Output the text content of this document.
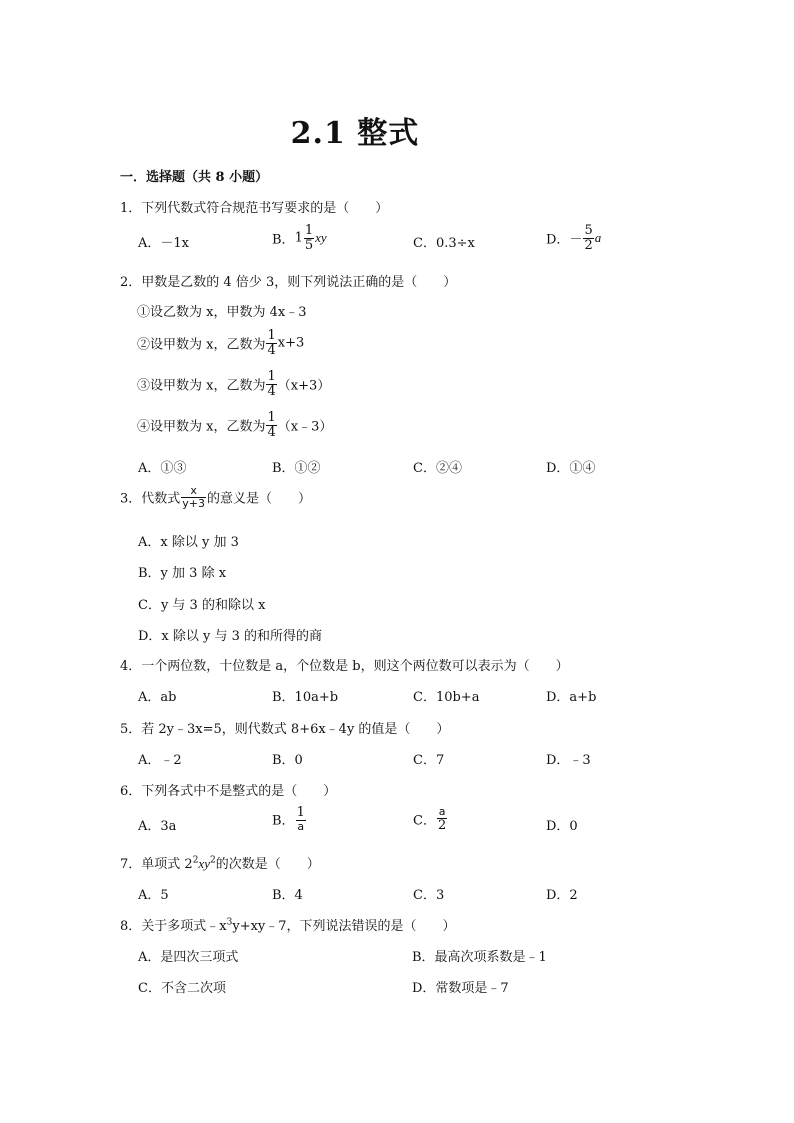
2.1 整式
一．选择题（共 8 小题）
1．下列代数式符合规范书写要求的是（　　）
A．－1x	B．$1 \frac{1}{5}$ xy	C．0.3÷x	D．－ $\frac{5}{2}$ a
2．甲数是乙数的 4 倍少 3，则下列说法正确的是（　　）
①设乙数为 x，甲数为 4x﹣3
②设甲数为 x，乙数为 $\frac{1}{4} x+3$
③设甲数为 x，乙数为 $\frac{1}{4} (x+3)$
④设甲数为 x，乙数为 $\frac{1}{4}$ （x﹣3）
A．①③	B．①②	C．②④	D．①④
3．代数式 $\frac{x}{y+3}$ 的意义是（　　）
A．x 除以 y 加 3
B．y 加 3 除 x
C．y 与 3 的和除以 x
D．x 除以 y 与 3 的和所得的商
4．一个两位数，十位数是 a，个位数是 b，则这个两位数可以表示为（　　）
A．ab	B．10a+b	C．10b+a	D．a+b
5．若 2y﹣3x=5，则代数式 8+6x﹣4y 的值是（　　）
A．﹣2	B．0	C．7	D．﹣3
6．下列各式中不是整式的是（　　）
A．3a	B． $\frac{1}{a}$	C． $\frac{a}{2}$	D．0
7．单项式 $2^2xy^2$的次数是（　　）
A．5	B．4	C．3	D．2
8．关于多项式$﹣x^3y+xy﹣7$，下列说法错误的是（　　）
A．是四次三项式	B．最高次项系数是﹣1
C．不含二次项	D．常数项是﹣7
